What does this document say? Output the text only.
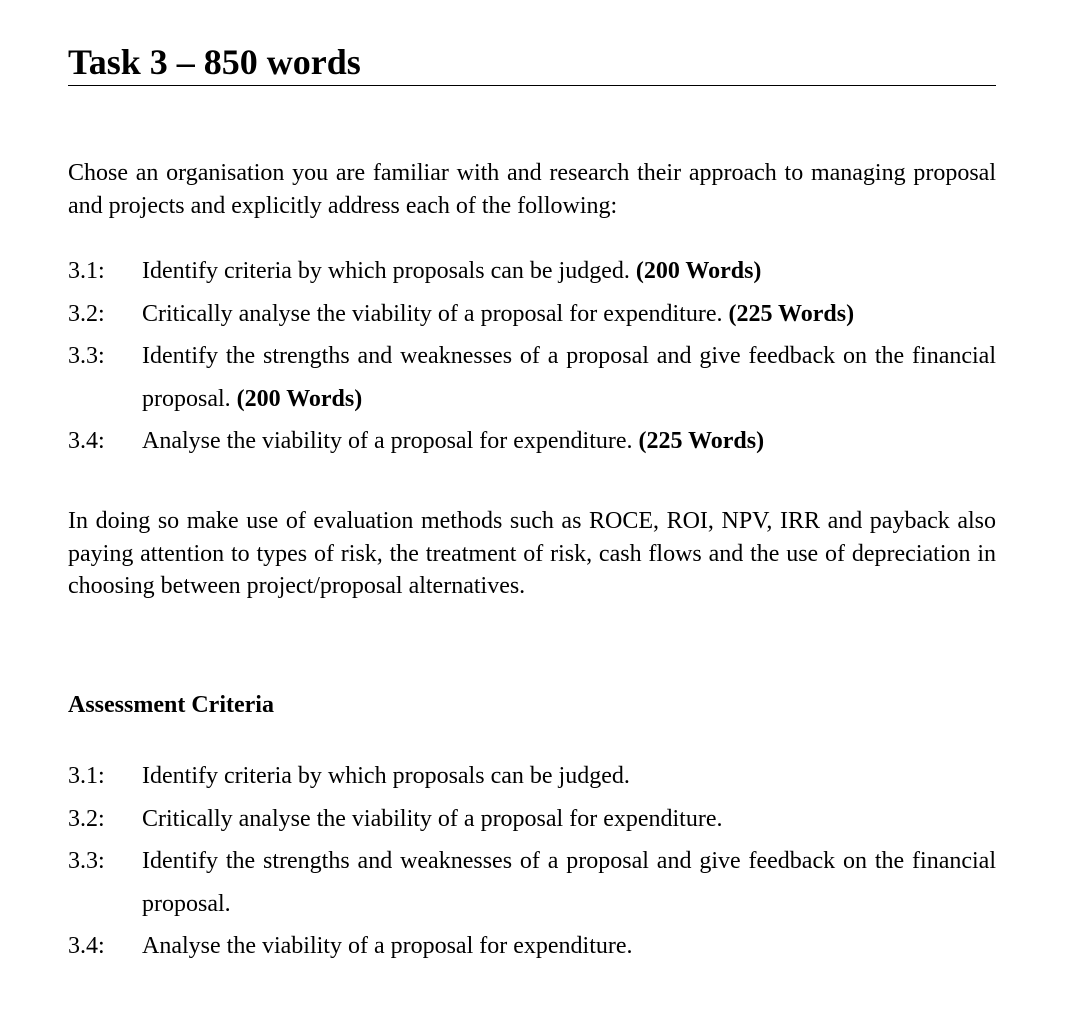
Task 3 – 850 words
Chose an organisation you are familiar with and research their approach to managing proposal and projects and explicitly address each of the following:
3.1:	Identify criteria by which proposals can be judged. (200 Words)
3.2:	Critically analyse the viability of a proposal for expenditure. (225 Words)
3.3:	Identify the strengths and weaknesses of a proposal and give feedback on the financial proposal. (200 Words)
3.4:	Analyse the viability of a proposal for expenditure. (225 Words)
In doing so make use of evaluation methods such as ROCE, ROI, NPV, IRR and payback also paying attention to types of risk, the treatment of risk, cash flows and the use of depreciation in choosing between project/proposal alternatives.
Assessment Criteria
3.1:	Identify criteria by which proposals can be judged.
3.2:	Critically analyse the viability of a proposal for expenditure.
3.3:	Identify the strengths and weaknesses of a proposal and give feedback on the financial proposal.
3.4:	Analyse the viability of a proposal for expenditure.
